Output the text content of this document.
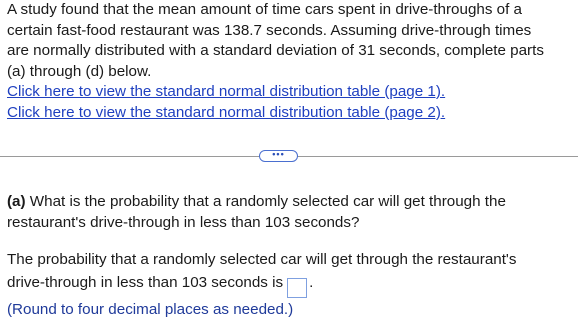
A study found that the mean amount of time cars spent in drive-throughs of a
certain fast-food restaurant was 138.7 seconds. Assuming drive-through times
are normally distributed with a standard deviation of 31 seconds, complete parts
(a) through (d) below.
Click here to view the standard normal distribution table (page 1).
Click here to view the standard normal distribution table (page 2).
•••
(a) What is the probability that a randomly selected car will get through the
restaurant's drive-through in less than 103 seconds?
The probability that a randomly selected car will get through the restaurant's
drive-through in less than 103 seconds is .
(Round to four decimal places as needed.)
